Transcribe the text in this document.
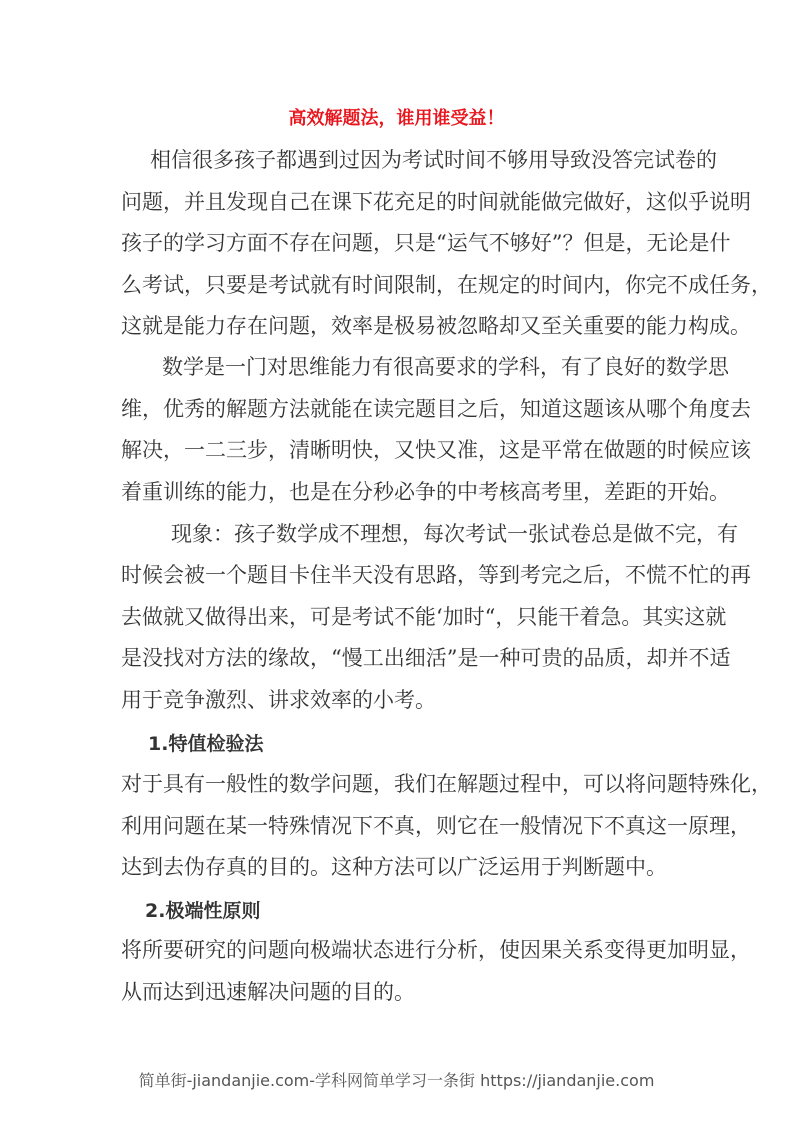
高效解题法，谁用谁受益！
相信很多孩子都遇到过因为考试时间不够用导致没答完试卷的
问题，并且发现自己在课下花充足的时间就能做完做好，这似乎说明
孩子的学习方面不存在问题，只是“运气不够好”？但是，无论是什
么考试，只要是考试就有时间限制，在规定的时间内，你完不成任务，
这就是能力存在问题，效率是极易被忽略却又至关重要的能力构成。
数学是一门对思维能力有很高要求的学科，有了良好的数学思
维，优秀的解题方法就能在读完题目之后，知道这题该从哪个角度去
解决，一二三步，清晰明快，又快又准，这是平常在做题的时候应该
着重训练的能力，也是在分秒必争的中考核高考里，差距的开始。
现象：孩子数学成不理想，每次考试一张试卷总是做不完，有
时候会被一个题目卡住半天没有思路，等到考完之后，不慌不忙的再
去做就又做得出来，可是考试不能‘加时“，只能干着急。其实这就
是没找对方法的缘故，“慢工出细活”是一种可贵的品质，却并不适
用于竞争激烈、讲求效率的小考。
1.特值检验法
对于具有一般性的数学问题，我们在解题过程中，可以将问题特殊化，
利用问题在某一特殊情况下不真，则它在一般情况下不真这一原理，
达到去伪存真的目的。这种方法可以广泛运用于判断题中。
2.极端性原则
将所要研究的问题向极端状态进行分析，使因果关系变得更加明显，
从而达到迅速解决问题的目的。
简单街-jiandanjie.com-学科网简单学习一条街 https://jiandanjie.com
